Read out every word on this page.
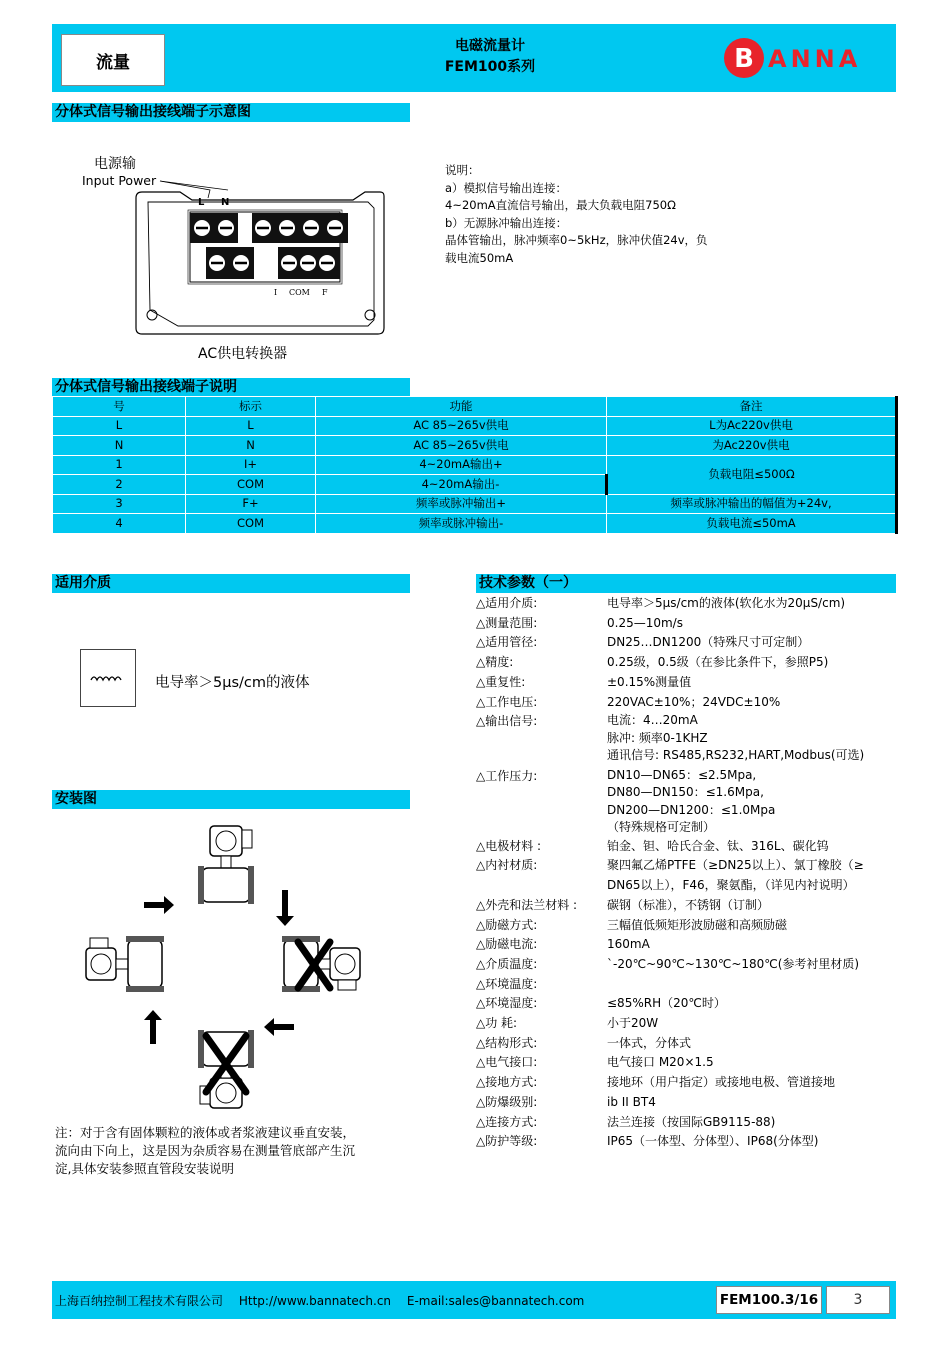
流量
电磁流量计
FEM100系列	B ANNA
分体式信号输出接线端子示意图
电源输
Input Power
L N
I COM F
AC供电转换器
说明：
a）模拟信号输出连接：
4~20mA直流信号输出，最大负载电阻750Ω
b）无源脉冲输出连接：
晶体管输出，脉冲频率0~5kHz，脉冲伏值24v，负
载电流50mA
分体式信号输出接线端子说明
号	标示	功能	备注
L	L	AC 85~265v供电	L为Ac220v供电
N	N	AC 85~265v供电	为Ac220v供电
1	I+	4~20mA输出+	负载电阻≤500Ω
2	COM	4~20mA输出-	
3	F+	频率或脉冲输出+	频率或脉冲输出的幅值为+24v,
4	COM	频率或脉冲输出-	负载电流≤50mA
适用介质
电导率＞5μs/cm的液体
安装图
注：对于含有固体颗粒的液体或者浆液建议垂直安装，
流向由下向上，这是因为杂质容易在测量管底部产生沉
淀,具体安装参照直管段安装说明
技术参数（一）
△适用介质:	电导率＞5μs/cm的液体(软化水为20μS/cm)
△测量范围:	0.25—10m/s
△适用管径:	DN25…DN1200（特殊尺寸可定制）
△精度:	0.25级，0.5级（在参比条件下，参照P5)
△重复性:	±0.15%测量值
△工作电压:	220VAC±10%；24VDC±10%
△输出信号:	电流：4…20mA
脉冲: 频率0-1KHZ
通讯信号: RS485,RS232,HART,Modbus(可选)
△工作压力:	DN10—DN65：≤2.5Mpa,
DN80—DN150：≤1.6Mpa,
DN200—DN1200：≤1.0Mpa
（特殊规格可定制）
△电极材料 :	铂金、钽、哈氏合金、钛、316L、碳化钨
△内衬材质:	聚四氟乙烯PTFE（≥DN25以上）、氯丁橡胶（≥
DN65以上），F46，聚氨酯，（详见内衬说明）
△外壳和法兰材料 :	碳钢（标准），不锈钢（订制）
△励磁方式:	三幅值低频矩形波励磁和高频励磁
△励磁电流:	160mA
△介质温度:	`-20℃~90℃~130℃~180℃(参考衬里材质)
△环境温度:
△环境湿度:	≤85%RH（20℃时）
△功 耗:	小于20W
△结构形式:	一体式，分体式
△电气接口:	电气接口 M20×1.5
△接地方式:	接地环（用户指定）或接地电极、管道接地
△防爆级别:	ib II BT4
△连接方式:	法兰连接（按国际GB9115-88)
△防护等级:	IP65（一体型、分体型）、IP68(分体型)
上海百纳控制工程技术有限公司 Http://www.bannatech.cn E-mail:sales@bannatech.com	FEM100.3/16	3
